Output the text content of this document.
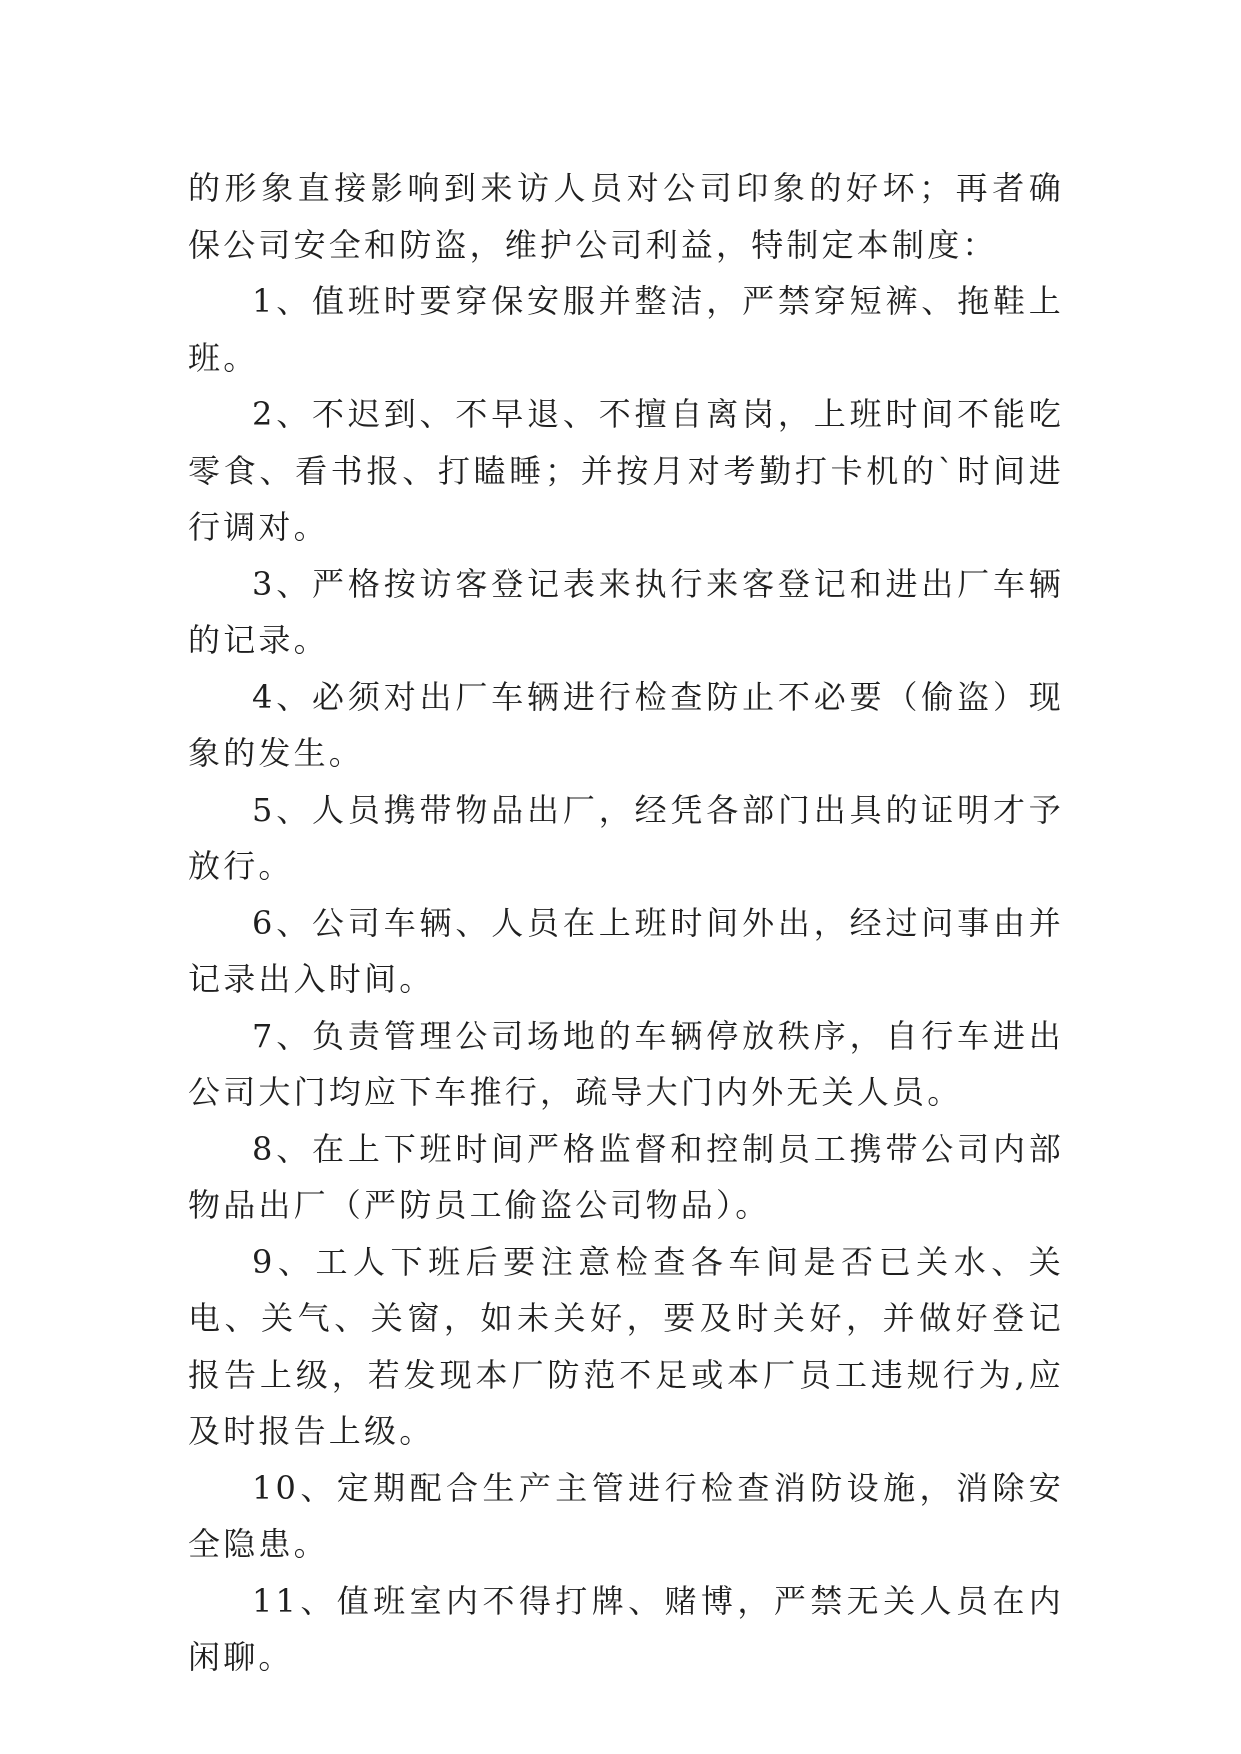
的形象直接影响到来访人员对公司印象的好坏；再者确保公司安全和防盗，维护公司利益，特制定本制度：

1、值班时要穿保安服并整洁，严禁穿短裤、拖鞋上班。

2、不迟到、不早退、不擅自离岗，上班时间不能吃零食、看书报、打瞌睡；并按月对考勤打卡机的`时间进行调对。

3、严格按访客登记表来执行来客登记和进出厂车辆的记录。

4、必须对出厂车辆进行检查防止不必要（偷盗）现象的发生。

5、人员携带物品出厂，经凭各部门出具的证明才予放行。

6、公司车辆、人员在上班时间外出，经过问事由并记录出入时间。

7、负责管理公司场地的车辆停放秩序，自行车进出公司大门均应下车推行，疏导大门内外无关人员。

8、在上下班时间严格监督和控制员工携带公司内部物品出厂（严防员工偷盗公司物品）。

9、工人下班后要注意检查各车间是否已关水、关电、关气、关窗，如未关好，要及时关好，并做好登记报告上级，若发现本厂防范不足或本厂员工违规行为,应及时报告上级。

10、定期配合生产主管进行检查消防设施，消除安全隐患。

11、值班室内不得打牌、赌博，严禁无关人员在内闲聊。
